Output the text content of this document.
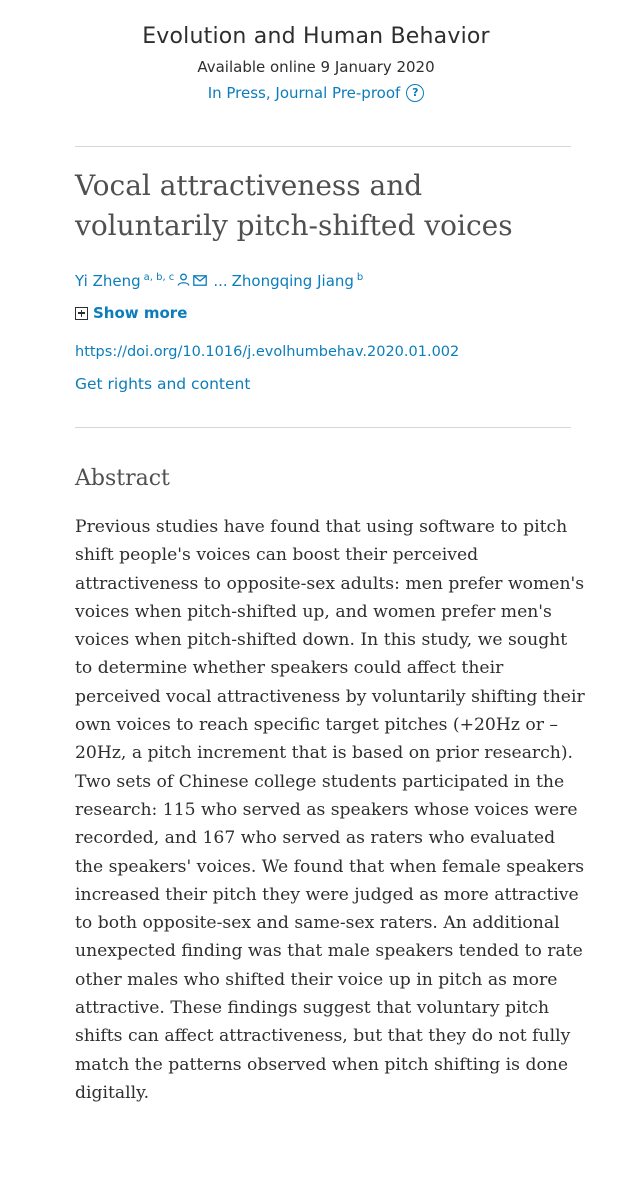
Evolution and Human Behavior
Available online 9 January 2020
In Press, Journal Pre-proof	?
Vocal attractiveness and voluntarily pitch-shifted voices
Yi Zheng $^{a, b, c}$	... Zhongqing Jiang $^b$
Show more
https://doi.org/10.1016/j.evolhumbehav.2020.01.002
Get rights and content
Abstract

Previous studies have found that using software to pitch shift people's voices can boost their perceived attractiveness to opposite-sex adults: men prefer women's voices when pitch-shifted up, and women prefer men's voices when pitch-shifted down. In this study, we sought to determine whether speakers could affect their perceived vocal attractiveness by voluntarily shifting their own voices to reach specific target pitches (+20Hz or –20Hz, a pitch increment that is based on prior research). Two sets of Chinese college students participated in the research: 115 who served as speakers whose voices were recorded, and 167 who served as raters who evaluated the speakers' voices. We found that when female speakers increased their pitch they were judged as more attractive to both opposite-sex and same-sex raters. An additional unexpected finding was that male speakers tended to rate other males who shifted their voice up in pitch as more attractive. These findings suggest that voluntary pitch shifts can affect attractiveness, but that they do not fully match the patterns observed when pitch shifting is done digitally.
